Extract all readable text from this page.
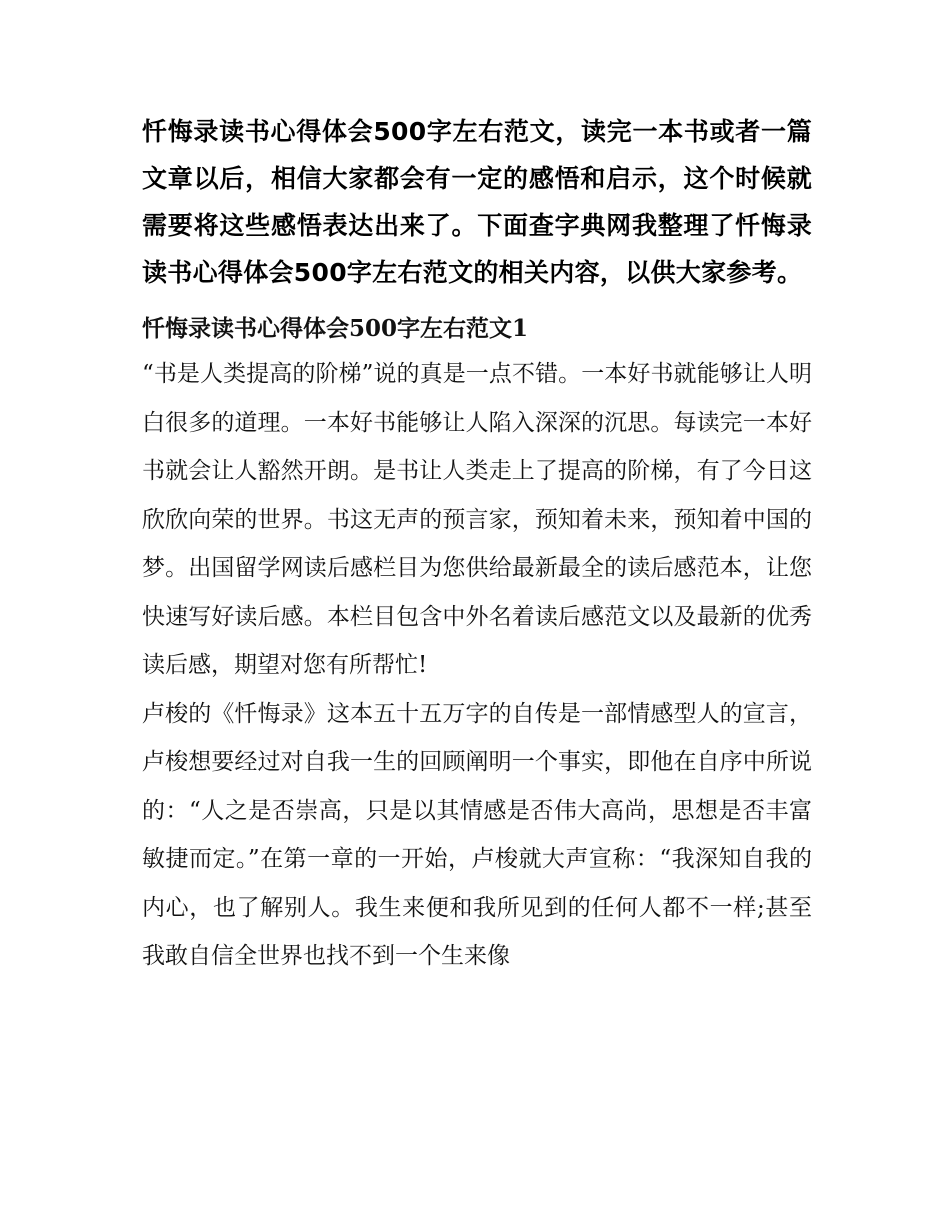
忏悔录读书心得体会500字左右范文，读完一本书或者一篇文章以后，相信大家都会有一定的感悟和启示，这个时候就需要将这些感悟表达出来了。下面查字典网我整理了忏悔录读书心得体会500字左右范文的相关内容，以供大家参考。

忏悔录读书心得体会500字左右范文1

“书是人类提高的阶梯”说的真是一点不错。一本好书就能够让人明白很多的道理。一本好书能够让人陷入深深的沉思。每读完一本好书就会让人豁然开朗。是书让人类走上了提高的阶梯，有了今日这欣欣向荣的世界。书这无声的预言家，预知着未来，预知着中国的梦。出国留学网读后感栏目为您供给最新最全的读后感范本，让您快速写好读后感。本栏目包含中外名着读后感范文以及最新的优秀读后感，期望对您有所帮忙!

卢梭的《忏悔录》这本五十五万字的自传是一部情感型人的宣言，卢梭想要经过对自我一生的回顾阐明一个事实，即他在自序中所说的：“人之是否崇高，只是以其情感是否伟大高尚，思想是否丰富敏捷而定。”在第一章的一开始，卢梭就大声宣称：“我深知自我的内心，也了解别人。我生来便和我所见到的任何人都不一样;甚至我敢自信全世界也找不到一个生来像
